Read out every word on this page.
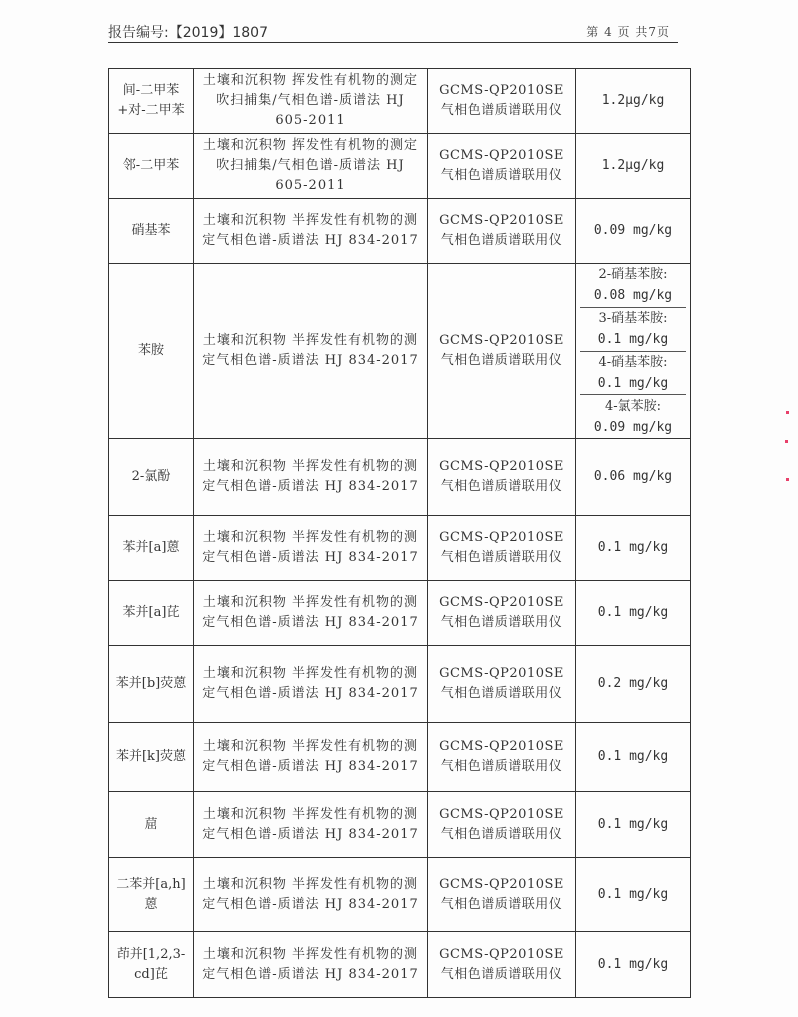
报告编号:【2019】1807	第 4 页 共7页
间-二甲苯+对-二甲苯	土壤和沉积物 挥发性有机物的测定 吹扫捕集/气相色谱-质谱法 HJ 605-2011	GCMS-QP2010SE 气相色谱质谱联用仪	1.2μg/kg
邻-二甲苯	土壤和沉积物 挥发性有机物的测定 吹扫捕集/气相色谱-质谱法 HJ 605-2011	GCMS-QP2010SE 气相色谱质谱联用仪	1.2μg/kg
硝基苯	土壤和沉积物 半挥发性有机物的测定气相色谱-质谱法 HJ 834-2017	GCMS-QP2010SE 气相色谱质谱联用仪	0.09 mg/kg
苯胺	土壤和沉积物 半挥发性有机物的测定气相色谱-质谱法 HJ 834-2017	GCMS-QP2010SE 气相色谱质谱联用仪	
2-硝基苯胺:
0.08 mg/kg
3-硝基苯胺:
0.1 mg/kg
4-硝基苯胺:
0.1 mg/kg
4-氯苯胺:
0.09 mg/kg

2-氯酚	土壤和沉积物 半挥发性有机物的测定气相色谱-质谱法 HJ 834-2017	GCMS-QP2010SE 气相色谱质谱联用仪	0.06 mg/kg
苯并[a]蒽	土壤和沉积物 半挥发性有机物的测定气相色谱-质谱法 HJ 834-2017	GCMS-QP2010SE 气相色谱质谱联用仪	0.1 mg/kg
苯并[a]芘	土壤和沉积物 半挥发性有机物的测定气相色谱-质谱法 HJ 834-2017	GCMS-QP2010SE 气相色谱质谱联用仪	0.1 mg/kg
苯并[b]荧蒽	土壤和沉积物 半挥发性有机物的测定气相色谱-质谱法 HJ 834-2017	GCMS-QP2010SE 气相色谱质谱联用仪	0.2 mg/kg
苯并[k]荧蒽	土壤和沉积物 半挥发性有机物的测定气相色谱-质谱法 HJ 834-2017	GCMS-QP2010SE 气相色谱质谱联用仪	0.1 mg/kg
䓛	土壤和沉积物 半挥发性有机物的测定气相色谱-质谱法 HJ 834-2017	GCMS-QP2010SE 气相色谱质谱联用仪	0.1 mg/kg
二苯并[a,h]蒽	土壤和沉积物 半挥发性有机物的测定气相色谱-质谱法 HJ 834-2017	GCMS-QP2010SE 气相色谱质谱联用仪	0.1 mg/kg
茚并[1,2,3-cd]芘	土壤和沉积物 半挥发性有机物的测定气相色谱-质谱法 HJ 834-2017	GCMS-QP2010SE 气相色谱质谱联用仪	0.1 mg/kg
